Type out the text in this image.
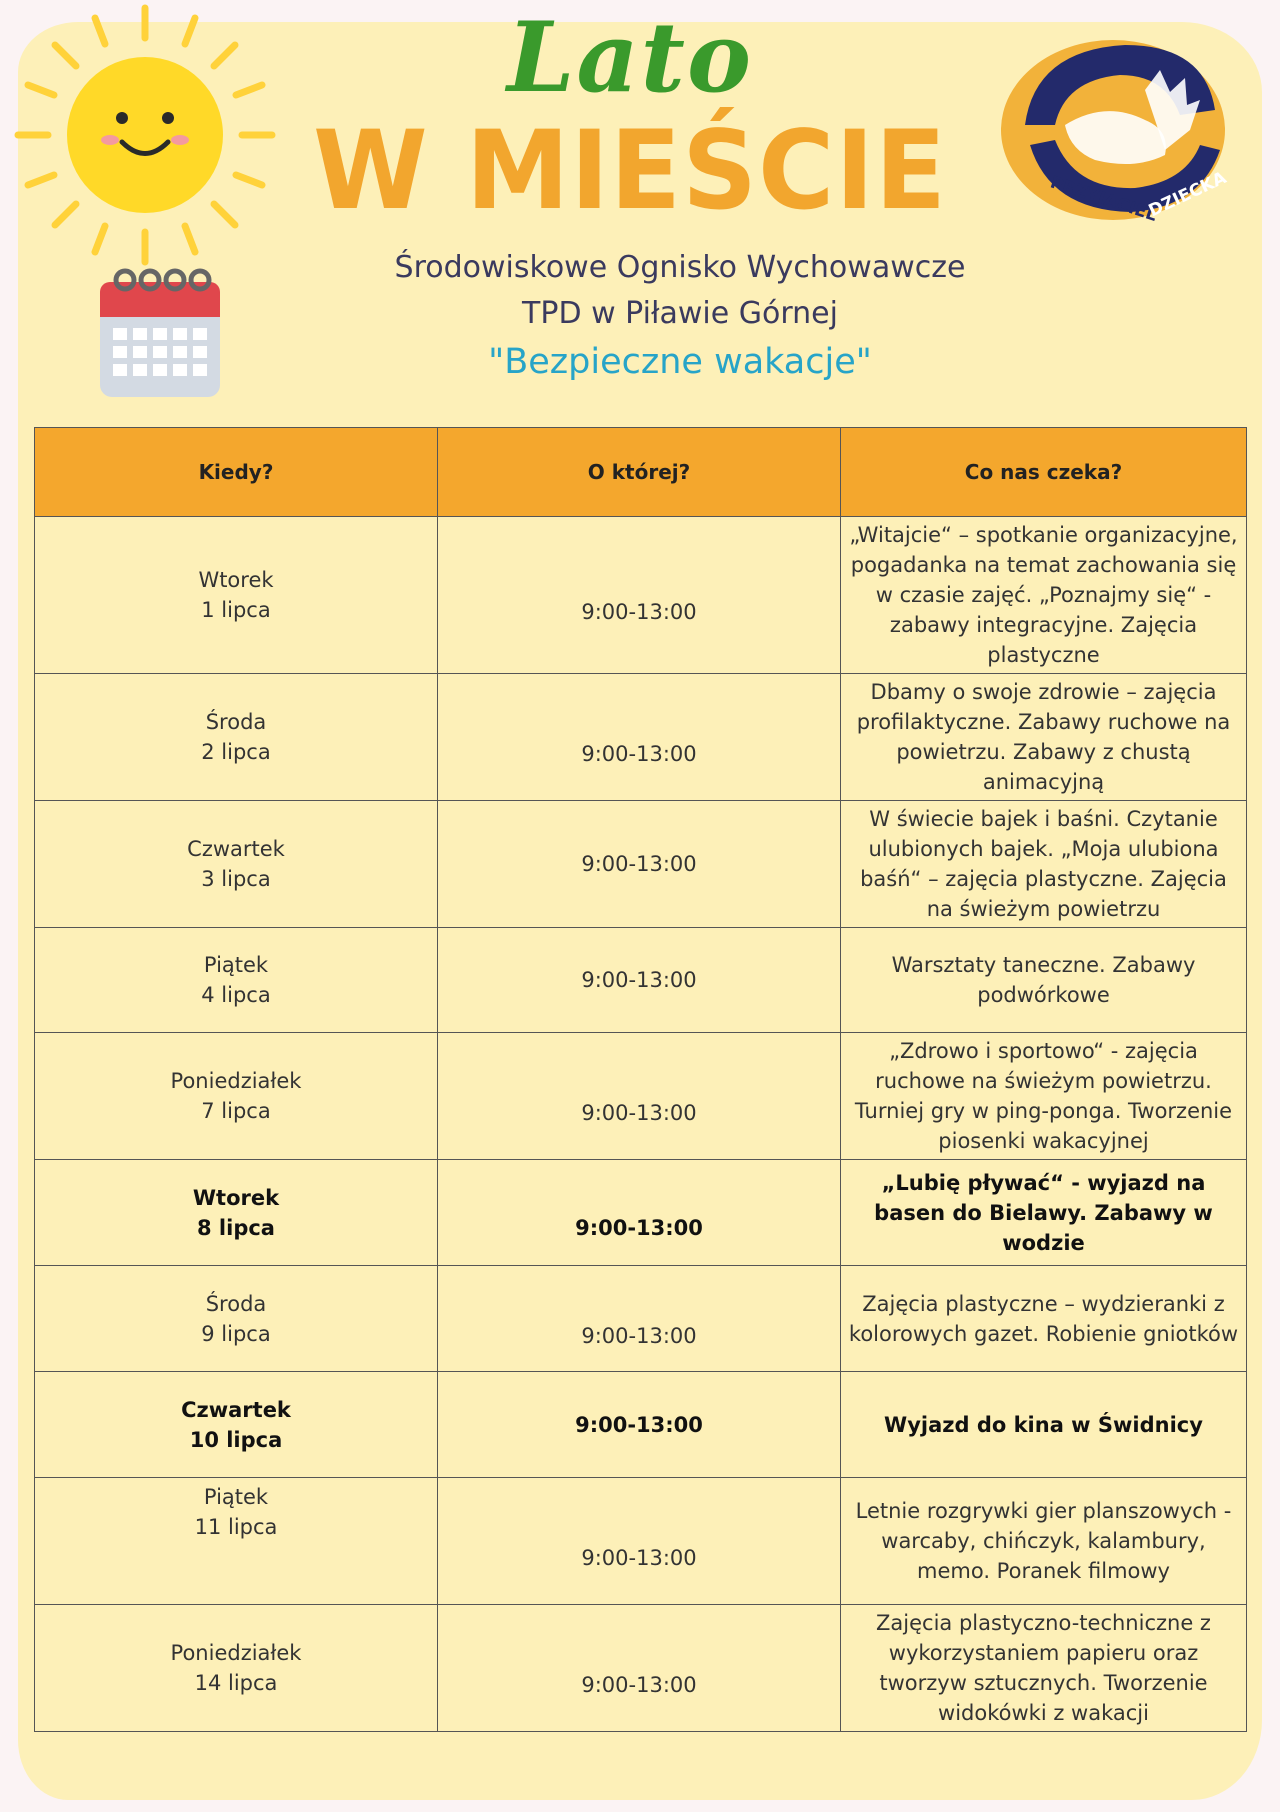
PRZYJACIEL
DZIECKA
Lato
W MIEŚCIE
Środowiskowe Ognisko Wychowawcze
TPD w Piławie Górnej
"Bezpieczne wakacje"
Kiedy?	O której?	Co nas czeka?

Wtorek
1 lipca	9:00-13:00	„Witajcie“ – spotkanie organizacyjne, pogadanka na temat zachowania się w czasie zajęć. „Poznajmy się“ - zabawy integracyjne. Zajęcia plastyczne

Środa
2 lipca	9:00-13:00	Dbamy o swoje zdrowie – zajęcia profilaktyczne. Zabawy ruchowe na powietrzu. Zabawy z chustą animacyjną

Czwartek
3 lipca	9:00-13:00	W świecie bajek i baśni. Czytanie ulubionych bajek. „Moja ulubiona baśń“ – zajęcia plastyczne. Zajęcia na świeżym powietrzu

Piątek
4 lipca	9:00-13:00	Warsztaty taneczne. Zabawy podwórkowe

Poniedziałek
7 lipca	9:00-13:00	„Zdrowo i sportowo“ - zajęcia ruchowe na świeżym powietrzu. Turniej gry w ping-ponga. Tworzenie piosenki wakacyjnej

Wtorek
8 lipca	9:00-13:00	„Lubię pływać“ - wyjazd na basen do Bielawy. Zabawy w wodzie

Środa
9 lipca	9:00-13:00	Zajęcia plastyczne – wydzieranki z kolorowych gazet. Robienie gniotków

Czwartek
10 lipca	9:00-13:00	Wyjazd do kina w Świdnicy

Piątek
11 lipca	9:00-13:00	Letnie rozgrywki gier planszowych - warcaby, chińczyk, kalambury, memo. Poranek filmowy

Poniedziałek
14 lipca	9:00-13:00	Zajęcia plastyczno-techniczne z wykorzystaniem papieru oraz tworzyw sztucznych. Tworzenie widokówki z wakacji
